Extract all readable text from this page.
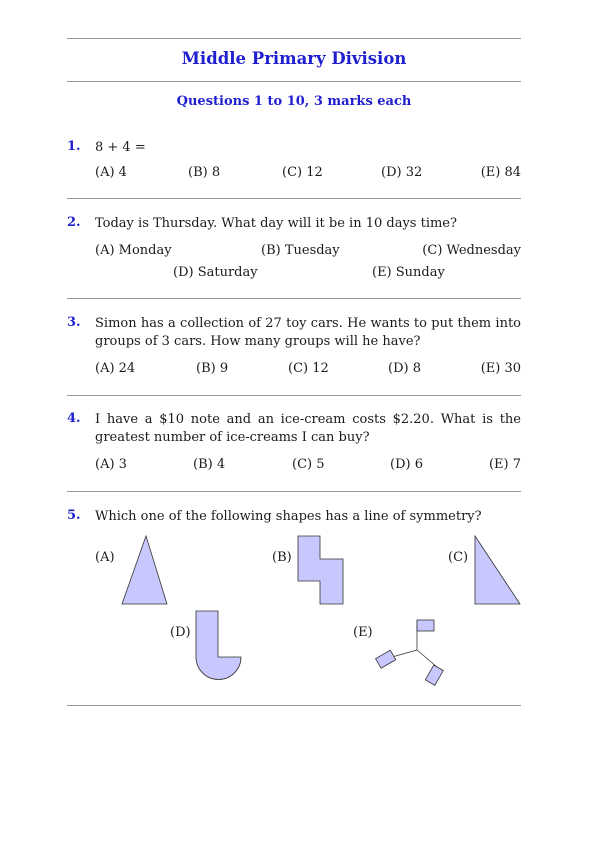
Middle Primary Division
Questions 1 to 10, 3 marks each
1. 8 + 4 =
(A) 4	(B) 8	(C) 12	(D) 32	(E) 84
2. Today is Thursday. What day will it be in 10 days time?
(A) Monday	(B) Tuesday	(C) Wednesday
(D) Saturday	(E) Sunday
3. Simon has a collection of 27 toy cars. He wants to put them into groups of 3 cars. How many groups will he have?
(A) 24	(B) 9	(C) 12	(D) 8	(E) 30
4. I have a $10 note and an ice-cream costs $2.20. What is the greatest number of ice-creams I can buy?
(A) 3	(B) 4	(C) 5	(D) 6	(E) 7
5. Which one of the following shapes has a line of symmetry?
(A)	(B)	(C)
(D)	(E)
